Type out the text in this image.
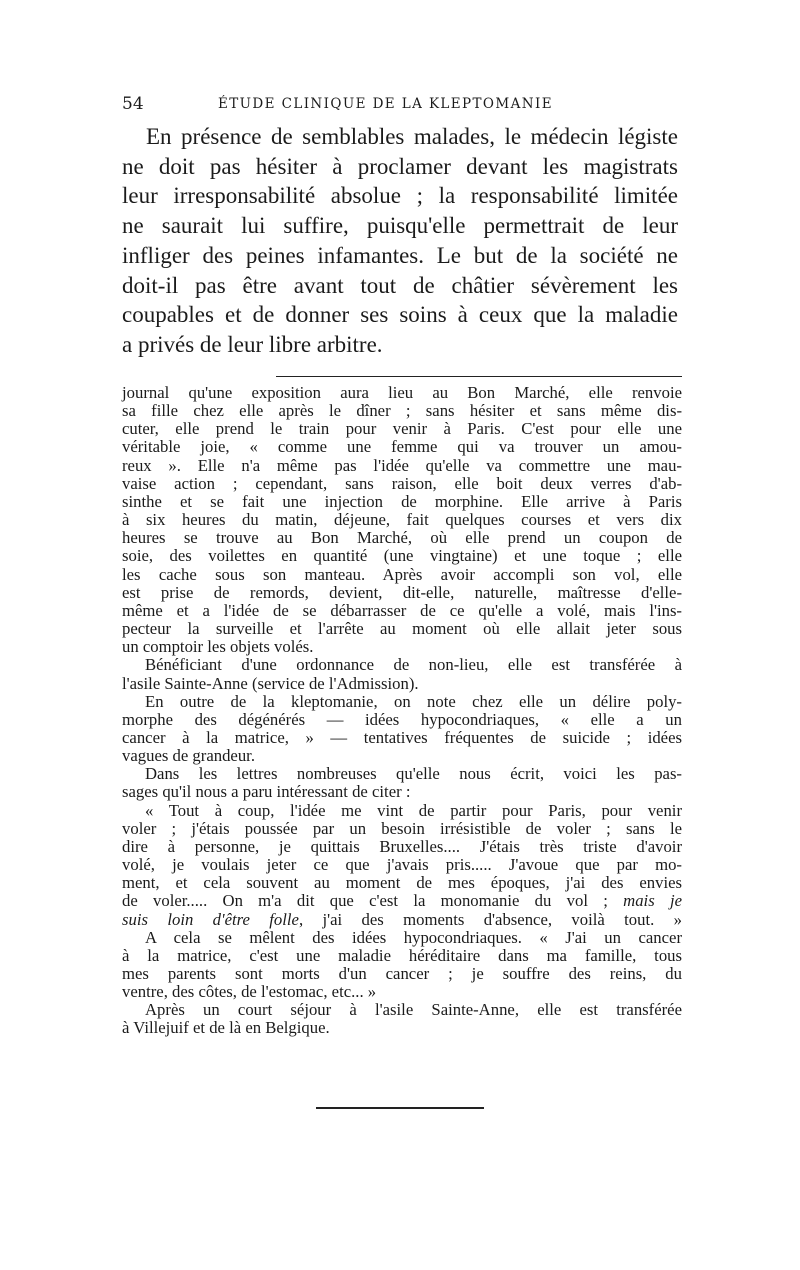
54	ÉTUDE CLINIQUE DE LA KLEPTOMANIE
En présence de semblables malades, le médecin légiste
ne doit pas hésiter à proclamer devant les magistrats
leur irresponsabilité absolue ; la responsabilité limitée
ne saurait lui suffire, puisqu'elle permettrait de leur
infliger des peines infamantes. Le but de la société ne
doit-il pas être avant tout de châtier sévèrement les
coupables et de donner ses soins à ceux que la maladie
a privés de leur libre arbitre.
journal qu'une exposition aura lieu au Bon Marché, elle renvoie
sa fille chez elle après le dîner ; sans hésiter et sans même dis-
cuter, elle prend le train pour venir à Paris. C'est pour elle une
véritable joie, « comme une femme qui va trouver un amou-
reux ». Elle n'a même pas l'idée qu'elle va commettre une mau-
vaise action ; cependant, sans raison, elle boit deux verres d'ab-
sinthe et se fait une injection de morphine. Elle arrive à Paris
à six heures du matin, déjeune, fait quelques courses et vers dix
heures se trouve au Bon Marché, où elle prend un coupon de
soie, des voilettes en quantité (une vingtaine) et une toque ; elle
les cache sous son manteau. Après avoir accompli son vol, elle
est prise de remords, devient, dit-elle, naturelle, maîtresse d'elle-
même et a l'idée de se débarrasser de ce qu'elle a volé, mais l'ins-
pecteur la surveille et l'arrête au moment où elle allait jeter sous
un comptoir les objets volés.
Bénéficiant d'une ordonnance de non-lieu, elle est transférée à
l'asile Sainte-Anne (service de l'Admission).
En outre de la kleptomanie, on note chez elle un délire poly-
morphe des dégénérés — idées hypocondriaques, « elle a un
cancer à la matrice, » — tentatives fréquentes de suicide ; idées
vagues de grandeur.
Dans les lettres nombreuses qu'elle nous écrit, voici les pas-
sages qu'il nous a paru intéressant de citer :
« Tout à coup, l'idée me vint de partir pour Paris, pour venir
voler ; j'étais poussée par un besoin irrésistible de voler ; sans le
dire à personne, je quittais Bruxelles.... J'étais très triste d'avoir
volé, je voulais jeter ce que j'avais pris..... J'avoue que par mo-
ment, et cela souvent au moment de mes époques, j'ai des envies
de voler..... On m'a dit que c'est la monomanie du vol ; mais je
suis loin d'être folle, j'ai des moments d'absence, voilà tout. »
A cela se mêlent des idées hypocondriaques. « J'ai un cancer
à la matrice, c'est une maladie héréditaire dans ma famille, tous
mes parents sont morts d'un cancer ; je souffre des reins, du
ventre, des côtes, de l'estomac, etc... »
Après un court séjour à l'asile Sainte-Anne, elle est transférée
à Villejuif et de là en Belgique.
